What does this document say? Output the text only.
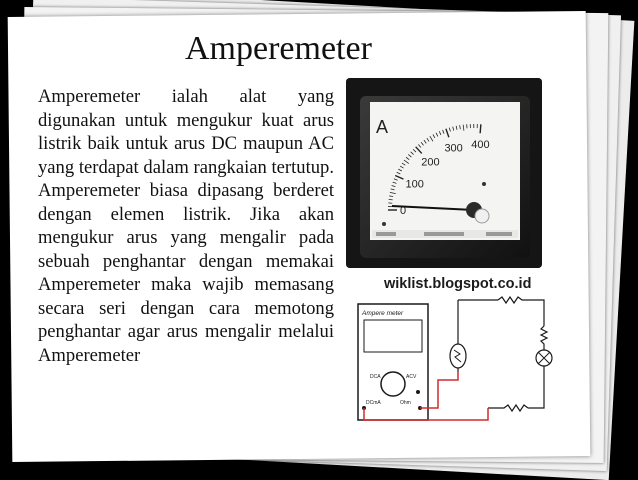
Amperemeter
Amperemeter ialah alat yang digunakan untuk mengukur kuat arus listrik baik untuk arus DC maupun AC yang terdapat dalam rangkaian tertutup. Amperemeter biasa dipasang berderet dengan elemen listrik. Jika akan mengukur arus yang mengalir pada sebuah penghantar dengan memakai Amperemeter maka wajib memasang secara seri dengan cara memotong penghantar agar arus mengalir melalui Amperemeter
A
0
100
200
300 400
wiklist.blogspot.co.id
Ampere meter
DCA	ACV
DCmA	Ohm
